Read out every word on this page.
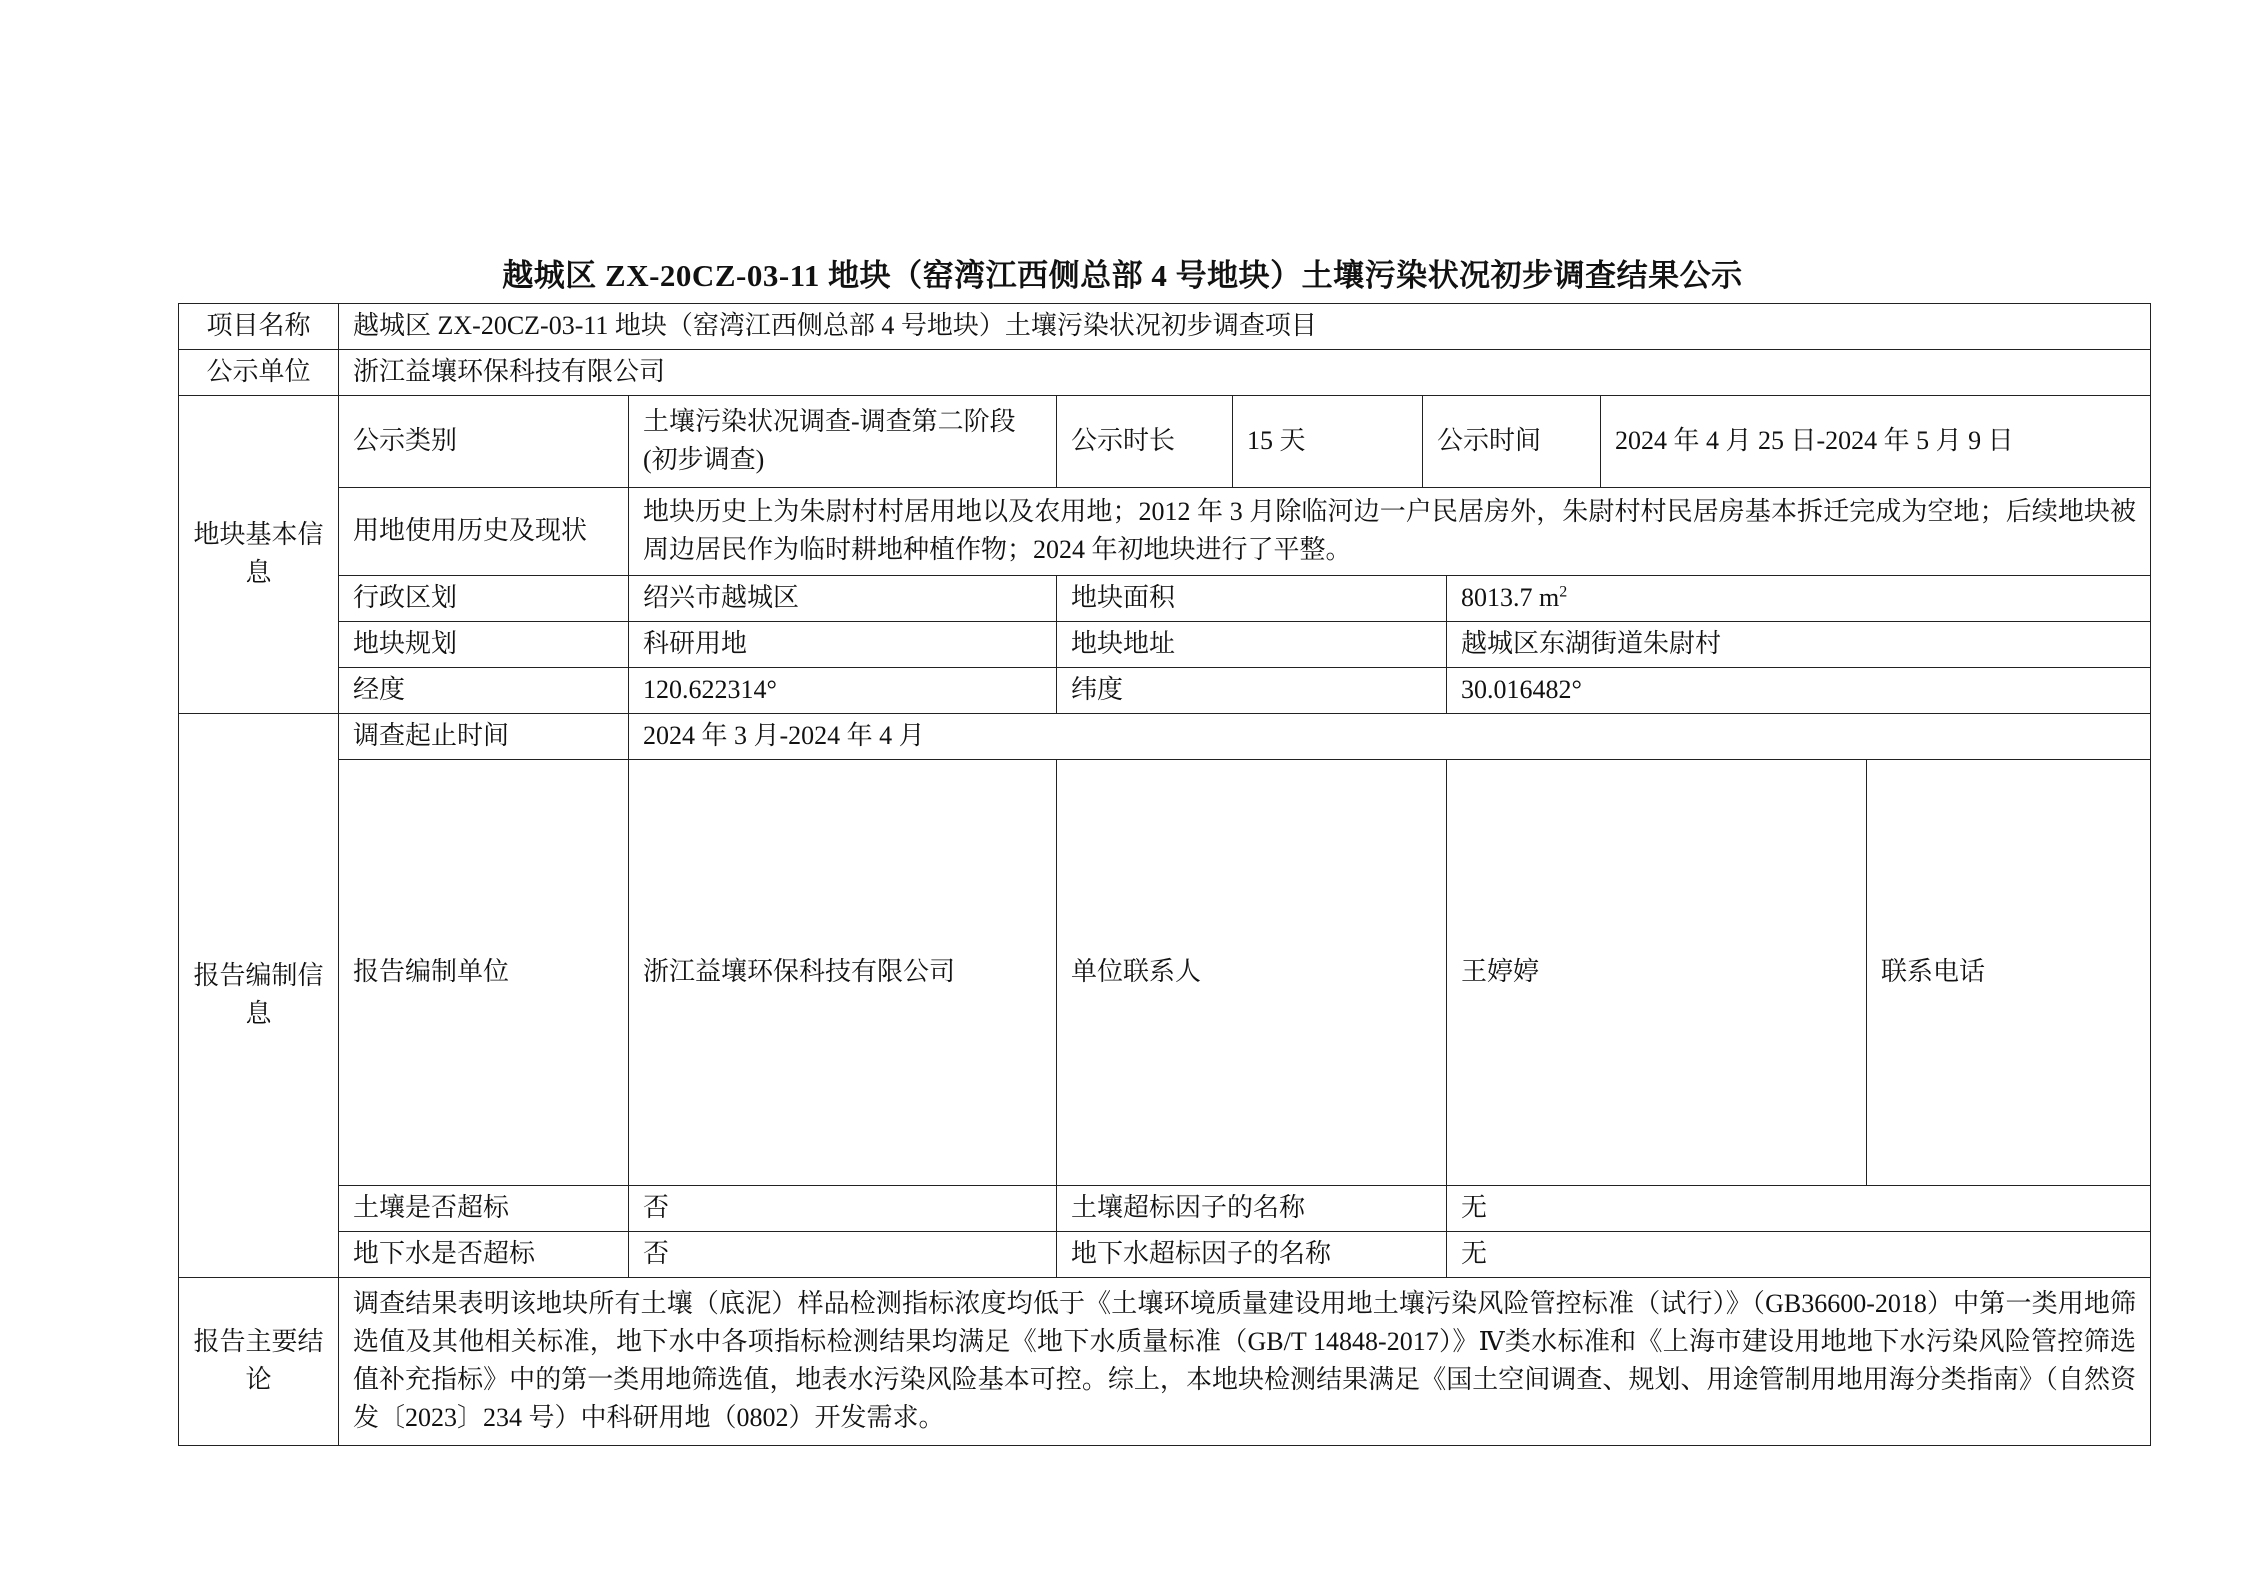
越城区 ZX-20CZ-03-11 地块（窑湾江西侧总部 4 号地块）土壤污染状况初步调查结果公示
项目名称	越城区 ZX-20CZ-03-11 地块（窑湾江西侧总部 4 号地块）土壤污染状况初步调查项目								
公示单位	浙江益壤环保科技有限公司								
地块基本信息	公示类别	土壤污染状况调查-调查第二阶段(初步调查)	公示时长	15 天	公示时间		2024 年 4 月 25 日-2024 年 5 月 9 日		
	用地使用历史及现状	地块历史上为朱尉村村居用地以及农用地；2012 年 3 月除临河边一户民居房外，朱尉村村民居房基本拆迁完成为空地；后续地块被周边居民作为临时耕地种植作物；2024 年初地块进行了平整。							
	行政区划	绍兴市越城区	地块面积			8013.7 $m^2$
	地块规划	科研用地	地块地址			越城区东湖街道朱尉村			
	经度	120.622314°	纬度			30.016482°			
报告编制信息	调查起止时间	2024 年 3 月-2024 年 4 月							
	报告编制单位	浙江益壤环保科技有限公司	单位联系人			王婷婷		联系电话	
	土壤是否超标	否	土壤超标因子的名称			无			
	地下水是否超标	否	地下水超标因子的名称			无			
报告主要结论	调查结果表明该地块所有土壤（底泥）样品检测指标浓度均低于《土壤环境质量建设用地土壤污染风险管控标准（试行）》（GB36600-2018）中第一类用地筛选值及其他相关标准，地下水中各项指标检测结果均满足《地下水质量标准（GB/T 14848-2017）》Ⅳ类水标准和《上海市建设用地地下水污染风险管控筛选值补充指标》中的第一类用地筛选值，地表水污染风险基本可控。综上，本地块检测结果满足《国土空间调查、规划、用途管制用地用海分类指南》（自然资发〔2023〕234 号）中科研用地（0802）开发需求。								
